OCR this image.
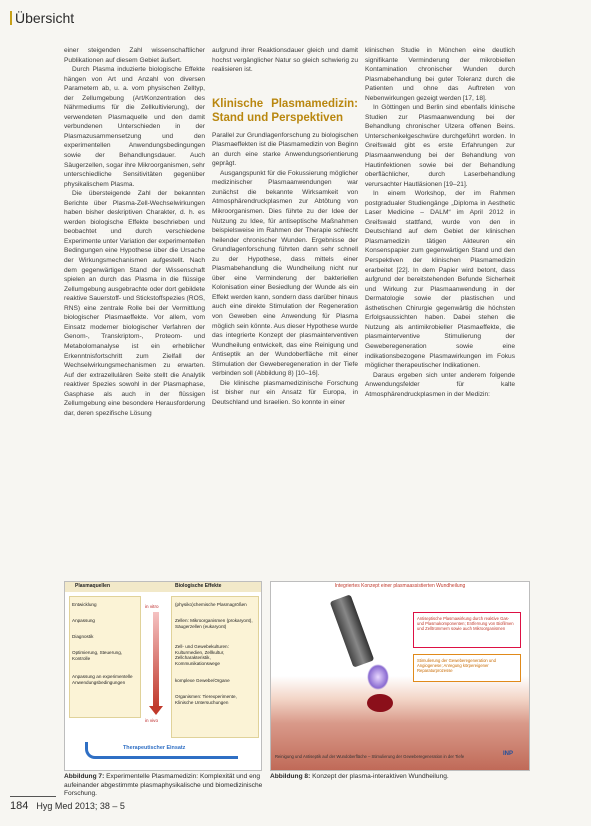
Übersicht

einer steigenden Zahl wissenschaftlicher Publikationen auf diesem Gebiet äußert.

Durch Plasma induzierte biologische Effekte hängen von Art und Anzahl von diversen Parametern ab, u. a. vom physischen Zelltyp, der Zellumgebung (Art/Konzentration des Nährmediums für die Zellkultivierung), der verwendeten Plasmaquelle und den damit verbundenen Unterschieden in der Plasmazusammensetzung und den experimentellen Anwendungsbedingungen sowie der Behandlungsdauer. Auch Säugerzellen, sogar ihre Mikroorganismen, sehr unterschiedliche Sensitivitäten gegenüber physikalischem Plasma.

Die übersteigende Zahl der bekannten Berichte über Plasma-Zell-Wechselwirkungen haben bisher deskriptiven Charakter, d. h. es werden biologische Effekte beschrieben und beobachtet und durch verschiedene Experimente unter Variation der experimentellen Bedingungen eine Hypothese über die Ursache der Wirkungsmechanismen aufgestellt. Nach dem gegenwärtigen Stand der Wissenschaft spielen an durch das Plasma in die flüssige Zellumgebung ausgebrachte oder dort gebildete reaktive Sauerstoff- und Stickstoffspezies (ROS, RNS) eine zentrale Rolle bei der Vermittlung biologischer Plasmaeffekte. Vor allem, vom Einsatz moderner biologischer Verfahren der Genom-, Transkriptom-, Proteom- und Metabolomanalyse ist ein erheblicher Erkenntnisfortschritt zum Zielfall der Wechselwirkungsmechanismen zu erwarten. Auf der extrazellulären Seite stellt die Analytik reaktiver Spezies sowohl in der Plasmaphase, Gasphase als auch in der flüssigen Zellumgebung eine besondere Herausforderung dar, deren spezifische Lösung

aufgrund ihrer Reaktionsdauer gleich und damit hochst vergänglicher Natur so gleich schwierig zu realisieren ist.

Klinische Plasmamedizin: Stand und Perspektiven

Parallel zur Grundlagenforschung zu biologischen Plasmaeffekten ist die Plasmamedizin von Beginn an durch eine starke Anwendungsorientierung geprägt.

Ausgangspunkt für die Fokussierung möglicher medizinischer Plasmaanwendungen war zunächst die bekannte Wirksamkeit von Atmosphärendruckplasmen zur Abtötung von Mikroorganismen. Dies führte zu der Idee der Nutzung zu Idee, für antiseptische Maßnahmen beispielsweise im Rahmen der Therapie schlecht heilender chronischer Wunden. Ergebnisse der Grundlagenforschung führten dann sehr schnell zu der Hypothese, dass mittels einer Plasmabehandlung die Wundheilung nicht nur über eine Verminderung der bakteriellen Kolonisation einer Besiedlung der Wunde als ein Effekt werden kann, sondern dass darüber hinaus auch eine direkte Stimulation der Regeneration von Geweben eine Anwendung für Plasma möglich sein könnte. Aus dieser Hypothese wurde das integrierte Konzept der plasmainterventiven Wundheilung entwickelt, das eine Reinigung und Antiseptik an der Wundoberfläche mit einer Stimulation der Geweberegeneration in der Tiefe verbinden soll (Abbildung 8) [10–16].

Die klinische plasmamedizinische Forschung ist bisher nur ein Ansatz für Europa, in Deutschland und Israelien. So konnte in einer

klinischen Studie in München eine deutlich signifikante Verminderung der mikrobiellen Kontamination chronischer Wunden durch Plasmabehandlung bei guter Toleranz durch die Patienten und ohne das Auftreten von Nebenwirkungen gezeigt werden [17, 18].

In Göttingen und Berlin sind ebenfalls klinische Studien zur Plasmaanwendung bei der Behandlung chronischer Ulzera offenen Beins. Unterschenkelgeschwüre durchgeführt worden. In Greifswald gibt es erste Erfahrungen zur Plasmaanwendung bei der Behandlung von Hautinfektionen sowie bei der Behandlung oberflächlicher, durch Laserbehandlung verursachter Hautläsionen [19–21].

In einem Workshop, der im Rahmen postgradualer Studiengänge „Diploma in Aesthetic Laser Medicine – DALM“ im April 2012 in Greifswald stattfand, wurde von den in Deutschland auf dem Gebiet der klinischen Plasmamedizin tätigen Akteuren ein Konsenspapier zum gegenwärtigen Stand und den Perspektiven der klinischen Plasmamedizin erarbeitet [22]. In dem Papier wird betont, dass aufgrund der bereitstehenden Befunde Sicherheit und Wirkung zur Plasmaanwendung in der Dermatologie sowie der plastischen und ästhetischen Chirurgie gegenwärtig die höchsten Erfolgsaussichten haben. Dabei stehen die Nutzung als antimikrobieller Plasmaeffekte, die plasmainterventive Stimulierung der Geweberegeneration sowie eine indikationsbezogene Plasmawirkungen im Fokus möglicher therapeutischer Indikationen.

Daraus ergeben sich unter anderem folgende Anwendungsfelder für kalte Atmosphärendruckplasmen in der Medizin:

Plasmaquellen	Biologische Effekte
Entwicklung
Anpassung
Diagnostik
Optimierung, Steuerung, Kontrolle
Anpassung an experimentelle Anwendungsbedingungen
in vitro
in vivo
(physiko)chemische Plasmagrößen
Zellen: Mikroorganismen (prokaryont), Säugerzellen (eukaryont)
Zell- und Gewebekulturen: Kulturmedien, Zellkultur, Zellcharakteristik, Kommunikationswege
komplexe Gewebe/Organe
Organismen: Tierexperimente, Klinische Untersuchungen
Therapeutischer Einsatz
Integriertes Konzept einer plasmaassistierten Wundheilung
Antiseptische Plasmawirkung durch reaktive Gas- und Plasmakomponenten; Entfernung von Biofilmen und Zelltrümmern sowie auch Mikroorganismen
Stimulierung der Geweberegeneration und Angiogenese; Anregung körpereigener Reparaturprozesse
Reinigung und Antiseptik auf der Wundoberfläche – Stimulierung der Geweberegeneration in der Tiefe	INP
Abbildung 7: Experimentelle Plasmamedizin: Komplexität und eng aufeinander abgestimmte plasmaphysikalische und biomedizinische Forschung.
Abbildung 8: Konzept der plasma-interaktiven Wundheilung.
184 Hyg Med 2013; 38 – 5
